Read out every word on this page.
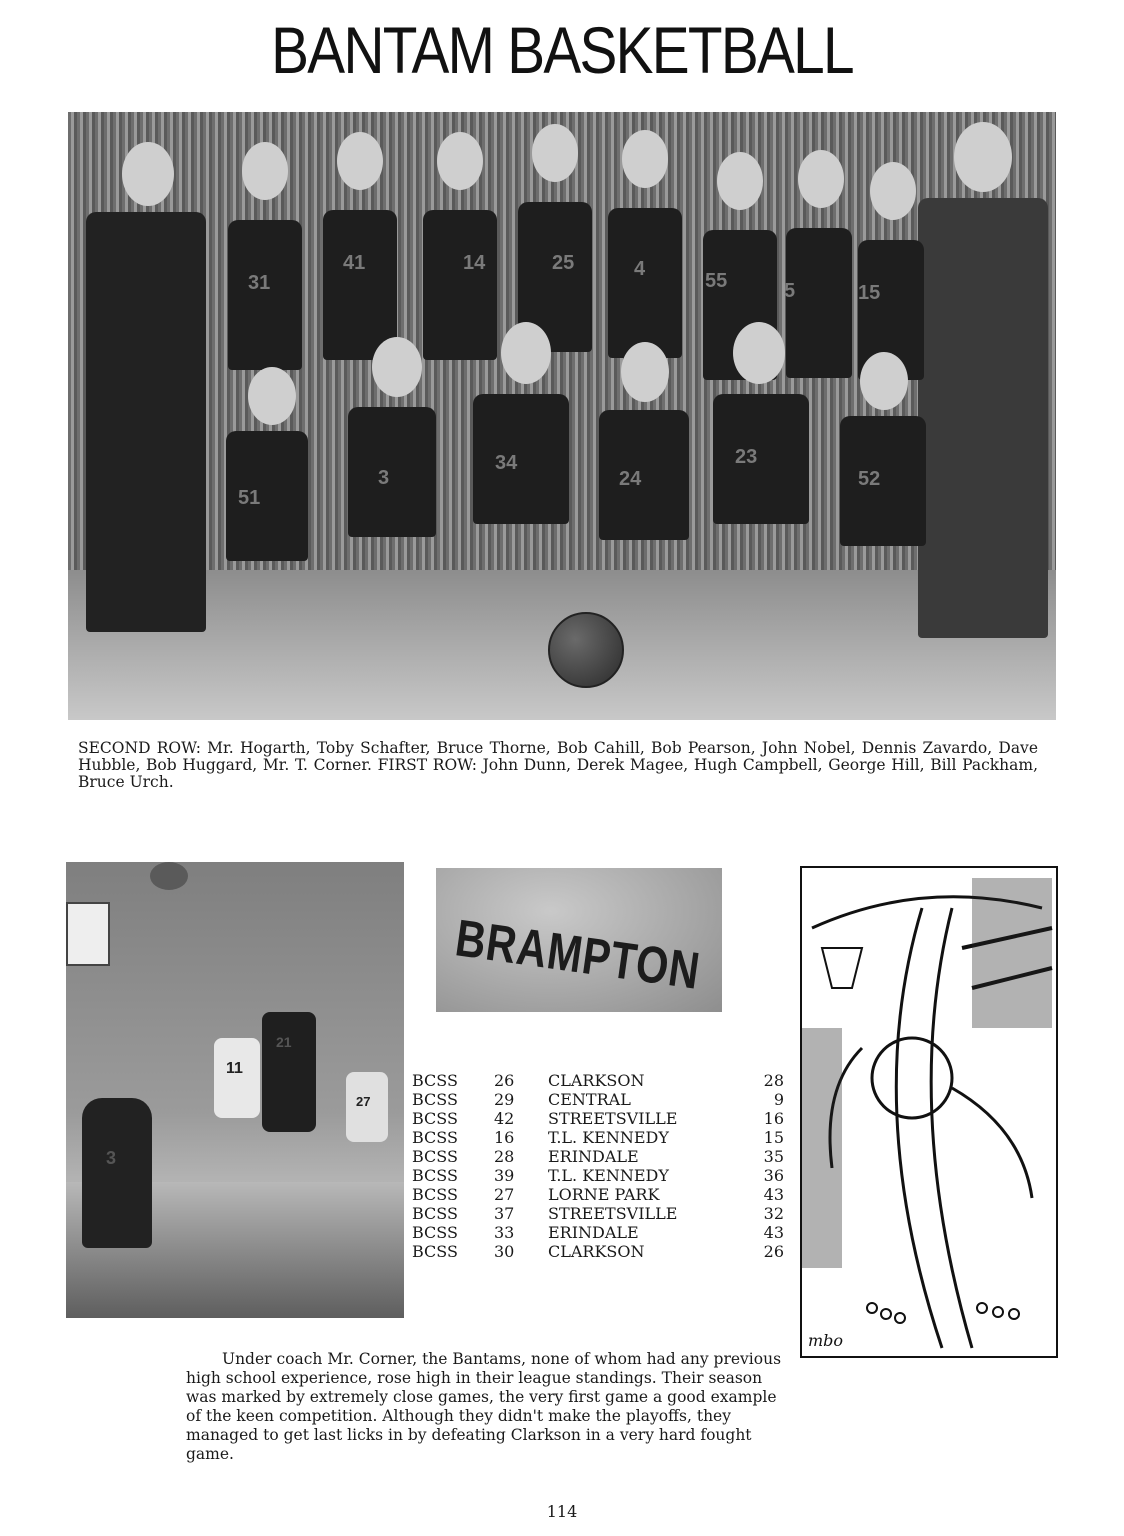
BANTAM BASKETBALL
31
41	14	25	4
55	5	15
51
3
34
24
23
52
SECOND ROW: Mr. Hogarth, Toby Schafter, Bruce Thorne, Bob Cahill, Bob Pearson, John Nobel, Dennis Zavardo, Dave Hubble, Bob Huggard, Mr. T. Corner. FIRST ROW: John Dunn, Derek Magee, Hugh Campbell, George Hill, Bill Packham, Bruce Urch.
11
21
27
3
BRAMPTON
mbo
BCSS 26 CLARKSON	28
BCSS 29 CENTRAL	9
BCSS 42 STREETSVILLE	16
BCSS 16 T.L. KENNEDY	15
BCSS 28 ERINDALE	35
BCSS 39 T.L. KENNEDY	36
BCSS 27 LORNE PARK	43
BCSS 37 STREETSVILLE	32
BCSS 33 ERINDALE	43
BCSS 30 CLARKSON	26
Under coach Mr. Corner, the Bantams, none of whom had any previous high school experience, rose high in their league standings. Their season was marked by extremely close games, the very first game a good example of the keen competition. Although they didn't make the playoffs, they managed to get last licks in by defeating Clarkson in a very hard fought game.
114
